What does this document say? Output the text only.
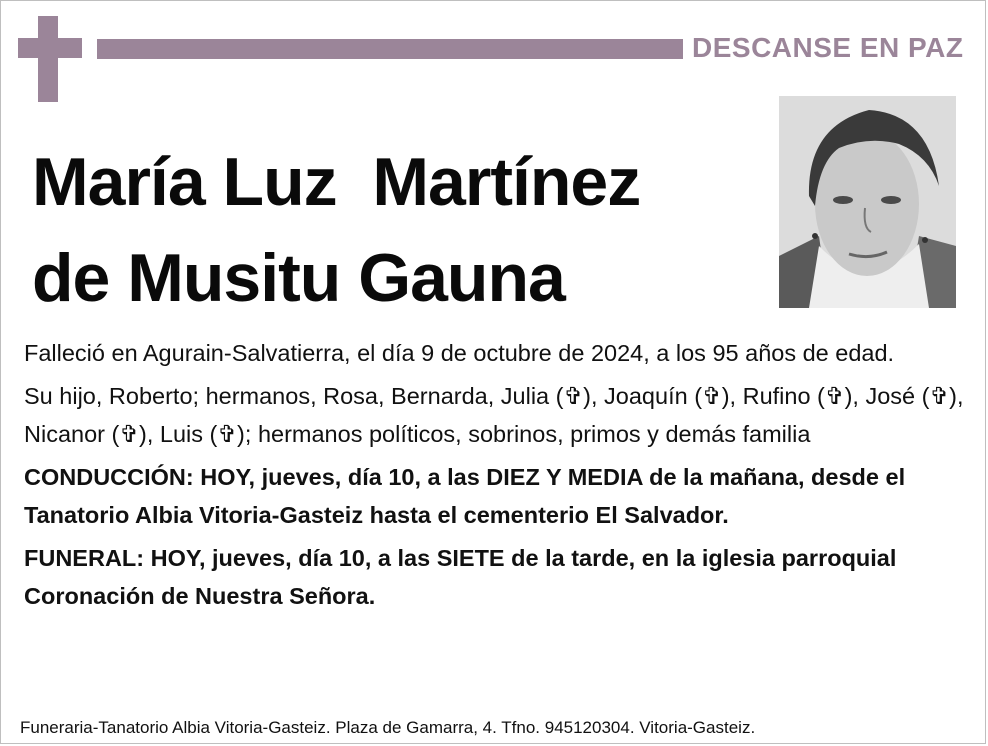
DESCANSE EN PAZ
María Luz  Martínez
de Musitu Gauna

Falleció en Agurain-Salvatierra, el día 9 de octubre de 2024, a los 95 años de edad.

Su hijo, Roberto; hermanos, Rosa, Bernarda, Julia (✞), Joaquín (✞), Rufino (✞), José (✞), Nicanor (✞), Luis (✞); hermanos políticos, sobrinos, primos y demás familia

CONDUCCIÓN: HOY, jueves, día 10, a las DIEZ Y MEDIA de la mañana, desde el Tanatorio Albia Vitoria-Gasteiz hasta el cementerio El Salvador.

FUNERAL: HOY, jueves, día 10, a las SIETE de la tarde, en la iglesia parroquial Coronación de Nuestra Señora.

Funeraria-Tanatorio Albia Vitoria-Gasteiz. Plaza de Gamarra, 4. Tfno. 945120304. Vitoria-Gasteiz.
